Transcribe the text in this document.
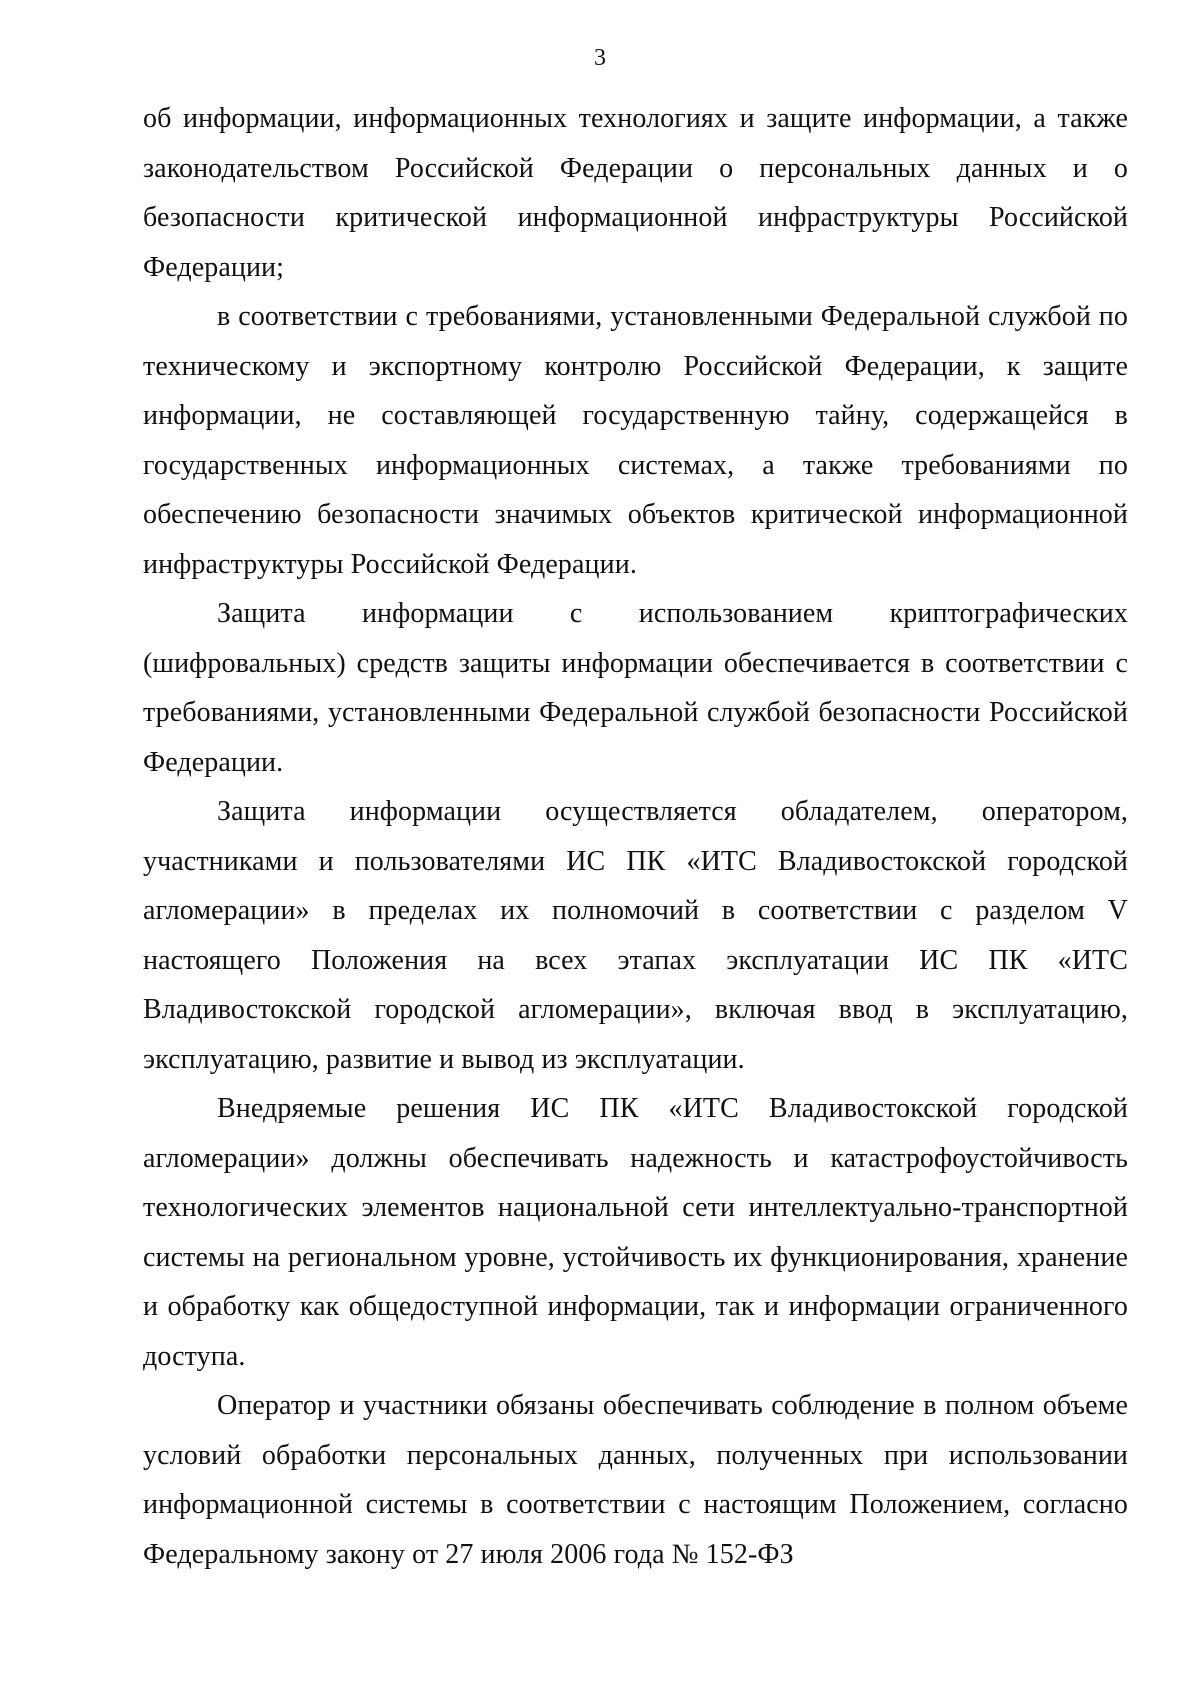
3

об информации, информационных технологиях и защите информации, а также законодательством Российской Федерации о персональных данных и о безопасности критической информационной инфраструктуры Российской Федерации;

в соответствии с требованиями, установленными Федеральной службой по техническому и экспортному контролю Российской Федерации, к защите информации, не составляющей государственную тайну, содержащейся в государственных информационных системах, а также требованиями по обеспечению безопасности значимых объектов критической информационной инфраструктуры Российской Федерации.

Защита информации с использованием криптографических (шифровальных) средств защиты информации обеспечивается в соответствии с требованиями, установленными Федеральной службой безопасности Российской Федерации.

Защита информации осуществляется обладателем, оператором, участниками и пользователями ИС ПК «ИТС Владивостокской городской агломерации» в пределах их полномочий в соответствии с разделом V настоящего Положения на всех этапах эксплуатации ИС ПК «ИТС Владивостокской городской агломерации», включая ввод в эксплуатацию, эксплуатацию, развитие и вывод из эксплуатации.

Внедряемые решения ИС ПК «ИТС Владивостокской городской агломерации» должны обеспечивать надежность и катастрофоустойчивость технологических элементов национальной сети интеллектуально-транспортной системы на региональном уровне, устойчивость их функционирования, хранение и обработку как общедоступной информации, так и информации ограниченного доступа.

Оператор и участники обязаны обеспечивать соблюдение в полном объеме условий обработки персональных данных, полученных при использовании информационной системы в соответствии с настоящим Положением, согласно Федеральному закону от 27 июля 2006 года № 152-ФЗ
